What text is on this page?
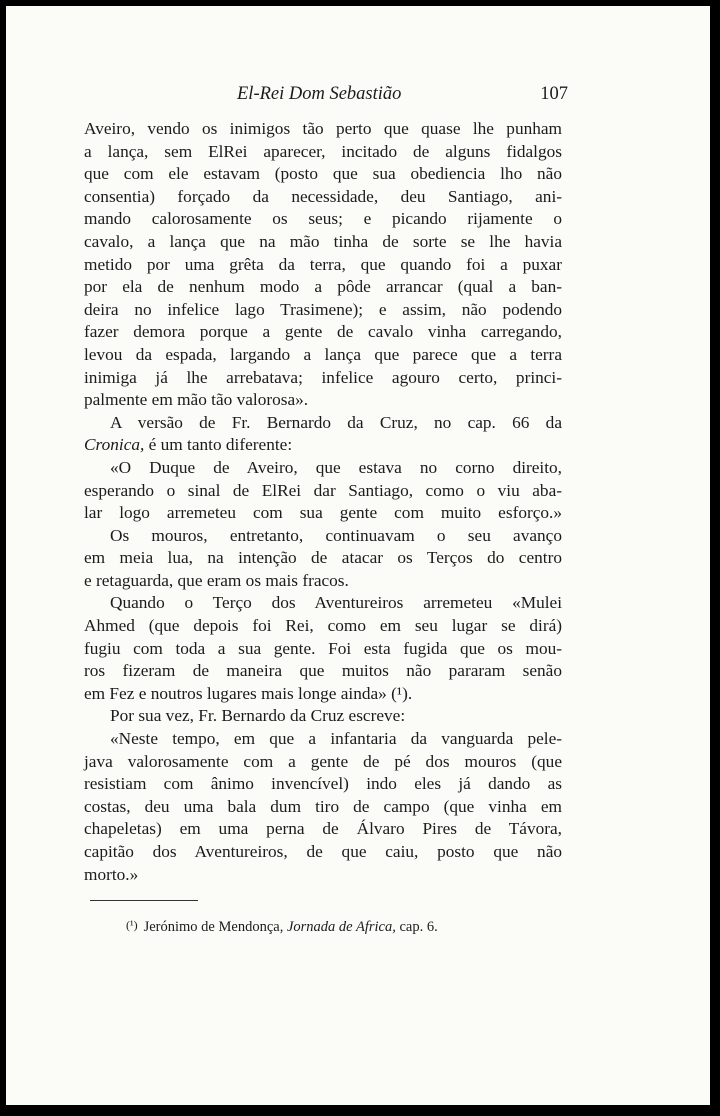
El-Rei Dom Sebastião	107
Aveiro, vendo os inimigos tão perto que quase lhe punham
a lança, sem ElRei aparecer, incitado de alguns fidalgos
que com ele estavam (posto que sua obediencia lho não
consentia) forçado da necessidade, deu Santiago, ani-
mando calorosamente os seus; e picando rijamente o
cavalo, a lança que na mão tinha de sorte se lhe havia
metido por uma grêta da terra, que quando foi a puxar
por ela de nenhum modo a pôde arrancar (qual a ban-
deira no infelice lago Trasimene); e assim, não podendo
fazer demora porque a gente de cavalo vinha carregando,
levou da espada, largando a lança que parece que a terra
inimiga já lhe arrebatava; infelice agouro certo, princi-
palmente em mão tão valorosa».
A versão de Fr. Bernardo da Cruz, no cap. 66 da
Cronica, é um tanto diferente:
«O Duque de Aveiro, que estava no corno direito,
esperando o sinal de ElRei dar Santiago, como o viu aba-
lar logo arremeteu com sua gente com muito esforço.»
Os mouros, entretanto, continuavam o seu avanço
em meia lua, na intenção de atacar os Terços do centro
e retaguarda, que eram os mais fracos.
Quando o Terço dos Aventureiros arremeteu «Mulei
Ahmed (que depois foi Rei, como em seu lugar se dirá)
fugiu com toda a sua gente. Foi esta fugida que os mou-
ros fizeram de maneira que muitos não pararam senão
em Fez e noutros lugares mais longe ainda» (¹).
Por sua vez, Fr. Bernardo da Cruz escreve:
«Neste tempo, em que a infantaria da vanguarda pele-
java valorosamente com a gente de pé dos mouros (que
resistiam com ânimo invencível) indo eles já dando as
costas, deu uma bala dum tiro de campo (que vinha em
chapeletas) em uma perna de Álvaro Pires de Távora,
capitão dos Aventureiros, de que caiu, posto que não
morto.»
(¹) Jerónimo de Mendonça, Jornada de Africa, cap. 6.
